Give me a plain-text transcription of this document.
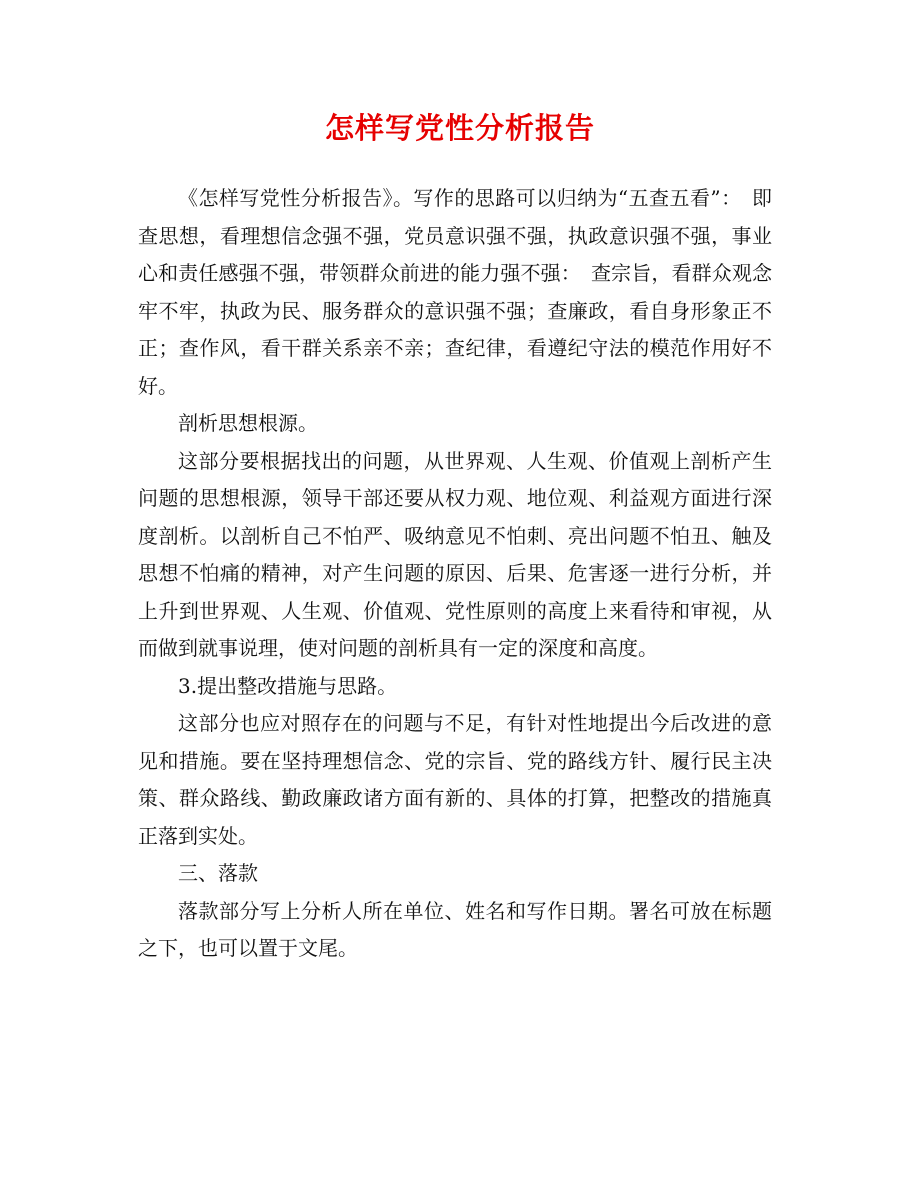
怎样写党性分析报告

《怎样写党性分析报告》。写作的思路可以归纳为“五查五看”：　即查思想，看理想信念强不强，党员意识强不强，执政意识强不强，事业心和责任感强不强，带领群众前进的能力强不强：　查宗旨，看群众观念牢不牢，执政为民、服务群众的意识强不强；查廉政，看自身形象正不正；查作风，看干群关系亲不亲；查纪律，看遵纪守法的模范作用好不好。

剖析思想根源。

这部分要根据找出的问题，从世界观、人生观、价值观上剖析产生问题的思想根源，领导干部还要从权力观、地位观、利益观方面进行深度剖析。以剖析自己不怕严、吸纳意见不怕刺、亮出问题不怕丑、触及思想不怕痛的精神，对产生问题的原因、后果、危害逐一进行分析，并上升到世界观、人生观、价值观、党性原则的高度上来看待和审视，从而做到就事说理，使对问题的剖析具有一定的深度和高度。

3.提出整改措施与思路。

这部分也应对照存在的问题与不足，有针对性地提出今后改进的意见和措施。要在坚持理想信念、党的宗旨、党的路线方针、履行民主决策、群众路线、勤政廉政诸方面有新的、具体的打算，把整改的措施真正落到实处。

三、落款

落款部分写上分析人所在单位、姓名和写作日期。署名可放在标题之下，也可以置于文尾。
